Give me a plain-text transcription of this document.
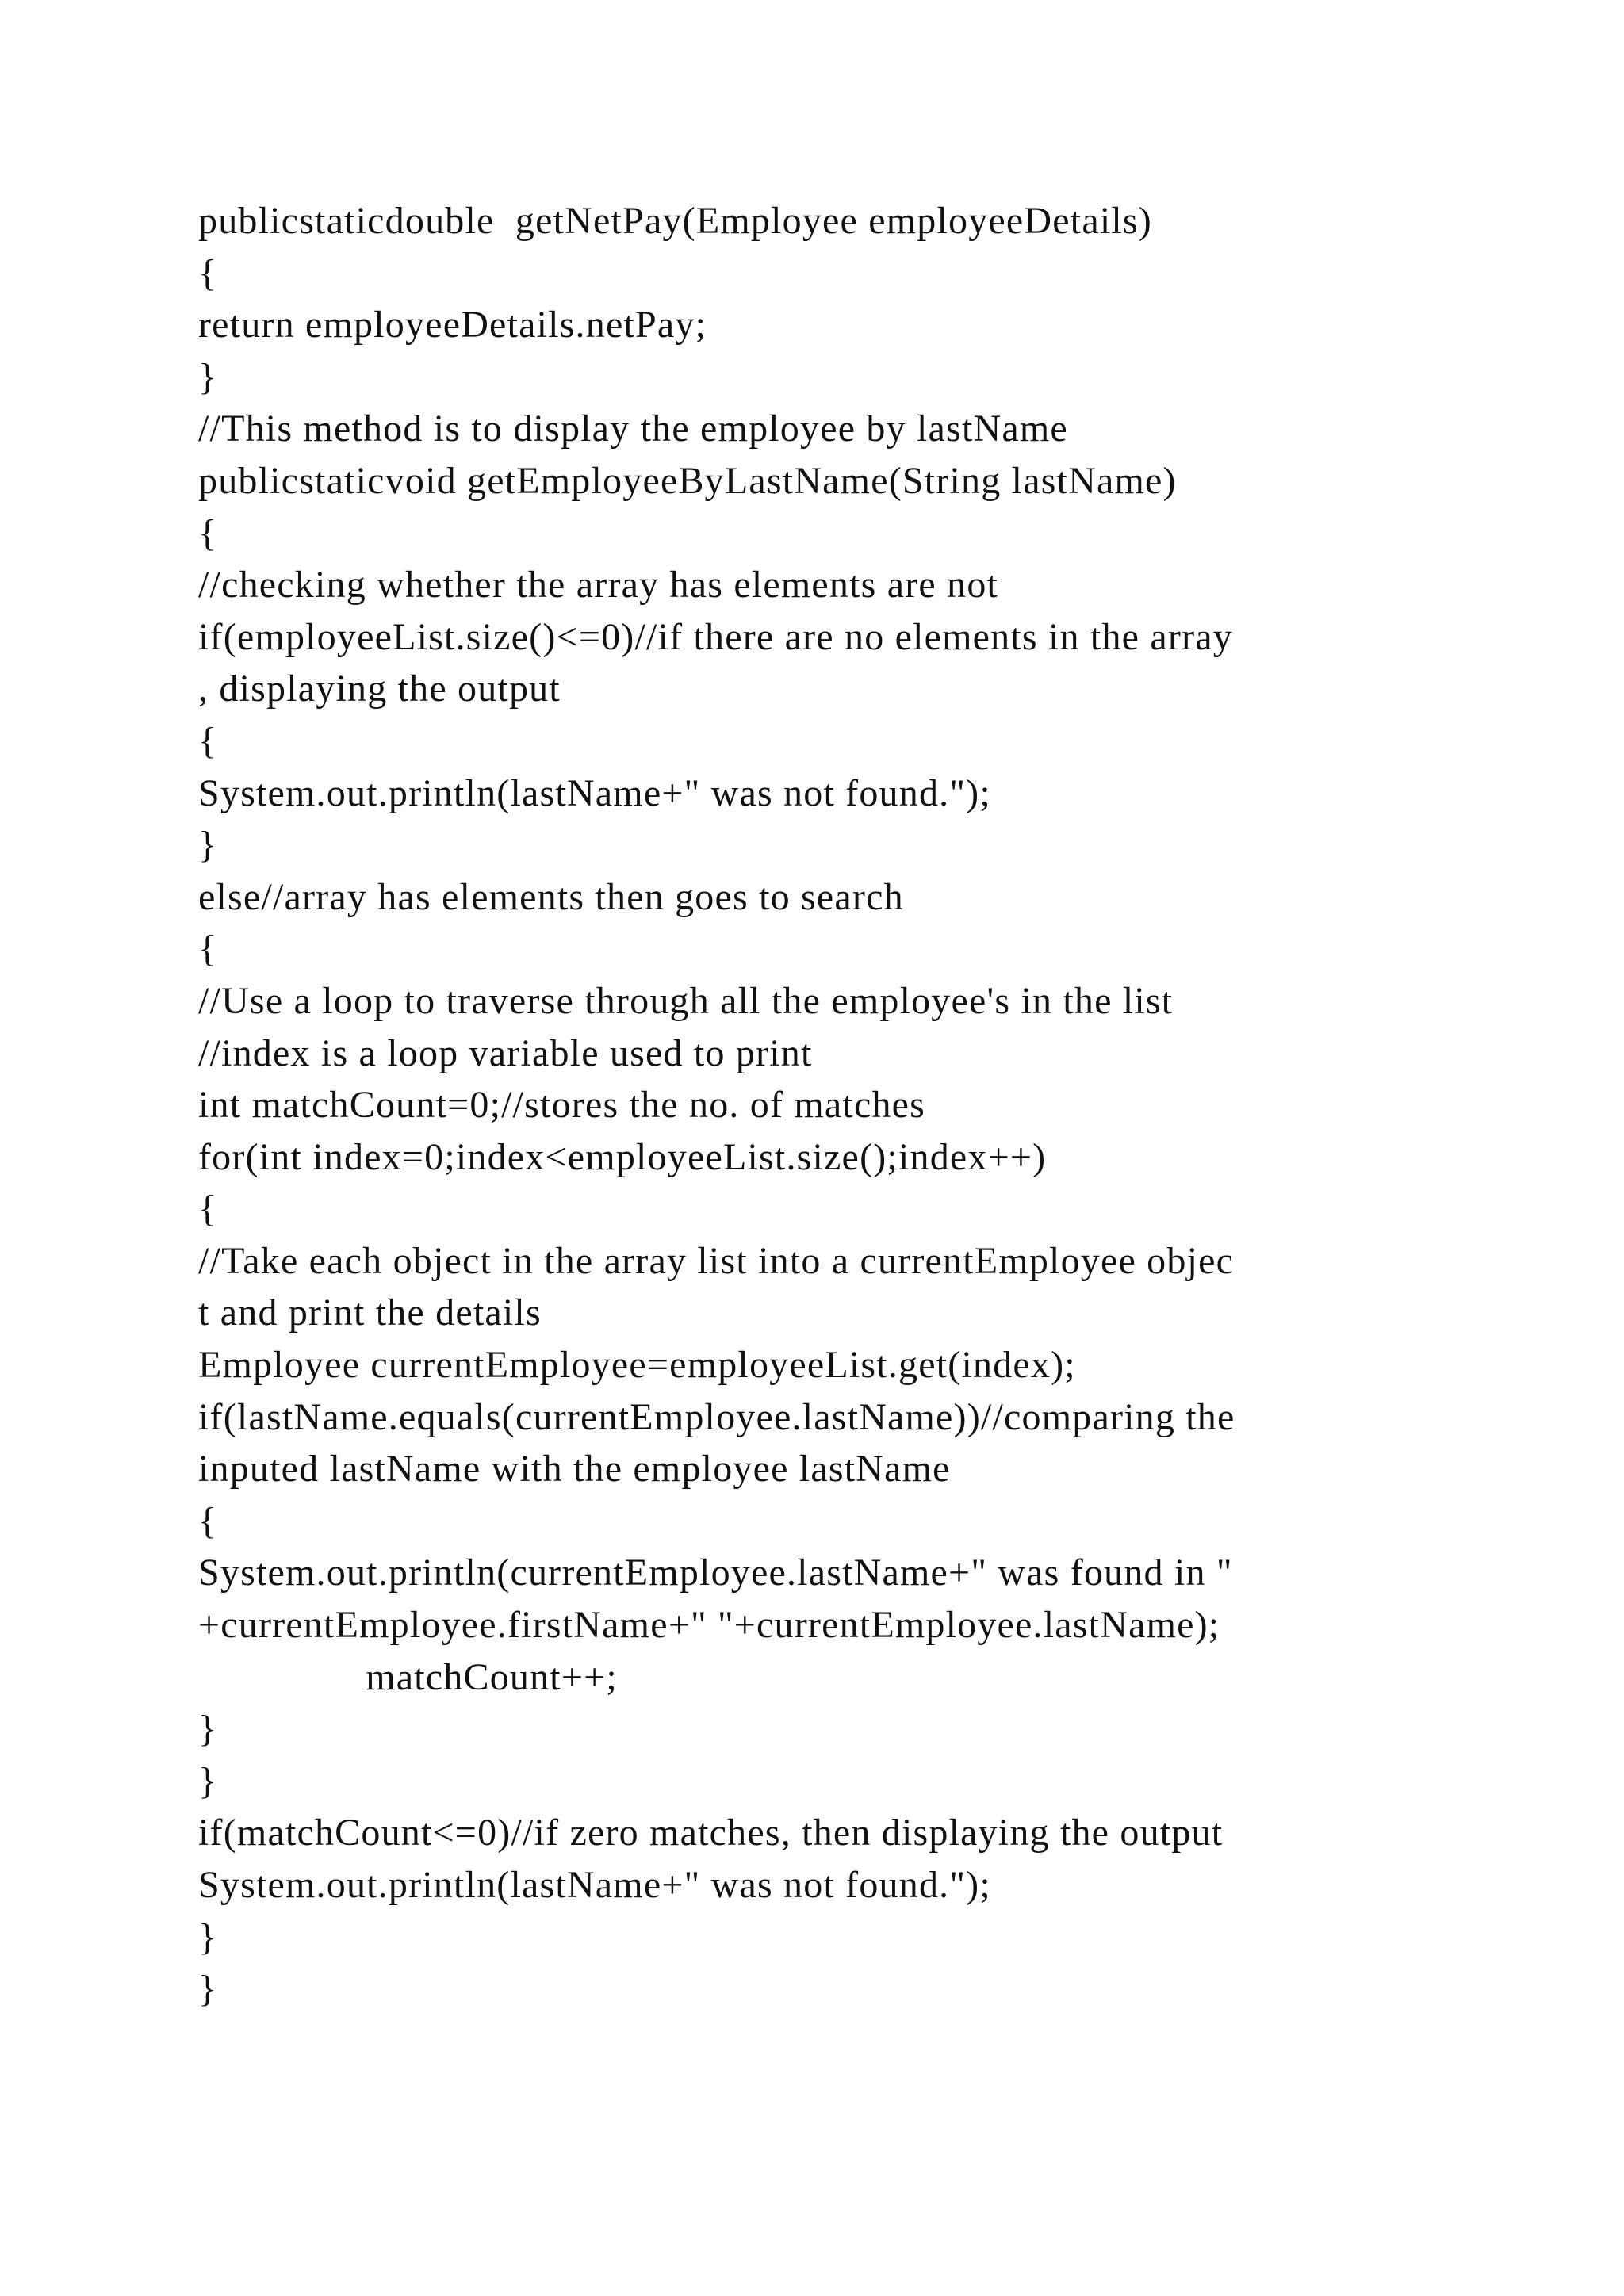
publicstaticdouble  getNetPay(Employee employeeDetails)

{

return employeeDetails.netPay;

}

//This method is to display the employee by lastName

publicstaticvoid getEmployeeByLastName(String lastName)

{

//checking whether the array has elements are not

if(employeeList.size()<=0)//if there are no elements in the array

, displaying the output

{

System.out.println(lastName+" was not found.");

}

else//array has elements then goes to search

{

//Use a loop to traverse through all the employee's in the list

//index is a loop variable used to print

int matchCount=0;//stores the no. of matches

for(int index=0;index<employeeList.size();index++)

{

//Take each object in the array list into a currentEmployee objec

t and print the details

Employee currentEmployee=employeeList.get(index);

if(lastName.equals(currentEmployee.lastName))//comparing the

inputed lastName with the employee lastName

{

System.out.println(currentEmployee.lastName+" was found in "

+currentEmployee.firstName+" "+currentEmployee.lastName);

matchCount++;

}

}

if(matchCount<=0)//if zero matches, then displaying the output

System.out.println(lastName+" was not found.");

}

}
